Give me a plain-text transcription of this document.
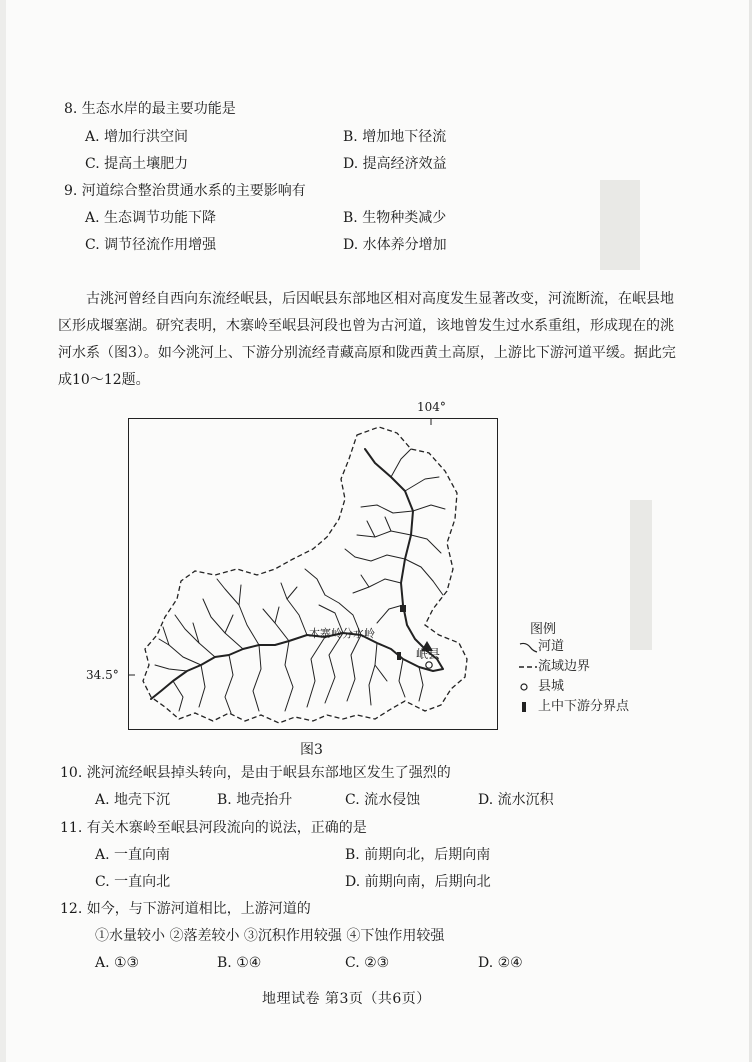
8. 生态水岸的最主要功能是
A. 增加行洪空间	B. 增加地下径流
C. 提高土壤肥力	D. 提高经济效益
9. 河道综合整治贯通水系的主要影响有
A. 生态调节功能下降	B. 生物种类减少
C. 调节径流作用增强	D. 水体养分增加
古洮河曾经自西向东流经岷县，后因岷县东部地区相对高度发生显著改变，河流断流，在岷县地区形成堰塞湖。研究表明，木寨岭至岷县河段也曾为古河道，该地曾发生过水系重组，形成现在的洮河水系（图3）。如今洮河上、下游分别流经青藏高原和陇西黄土高原，上游比下游河道平缓。据此完成10～12题。
104°
34.5°
木寨岭分水岭
岷县
图例
河道
流域边界
县城
上中下游分界点
图3
10. 洮河流经岷县掉头转向，是由于岷县东部地区发生了强烈的
A. 地壳下沉	B. 地壳抬升	C. 流水侵蚀	D. 流水沉积
11. 有关木寨岭至岷县河段流向的说法，正确的是
A. 一直向南	B. 前期向北，后期向南
C. 一直向北	D. 前期向南，后期向北
12. 如今，与下游河道相比，上游河道的
①水量较小 ②落差较小 ③沉积作用较强 ④下蚀作用较强
A. ①③	B. ①④	C. ②③	D. ②④
地理试卷 第3页（共6页）
